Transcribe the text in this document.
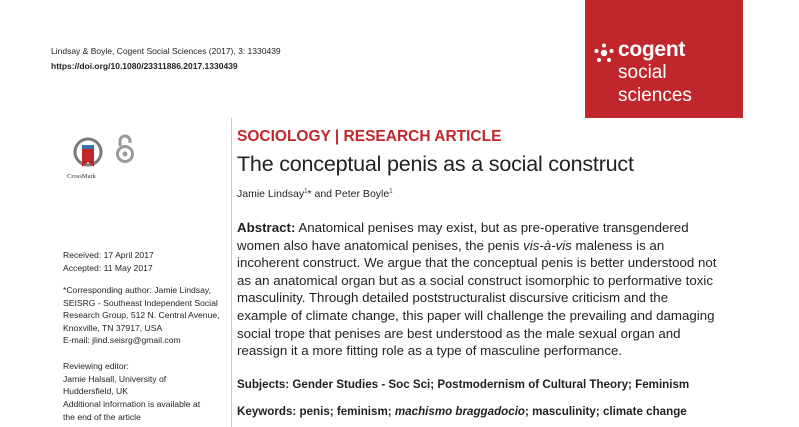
Lindsay & Boyle, Cogent Social Sciences (2017), 3: 1330439
https://doi.org/10.1080/23311886.2017.1330439
cogent
social
sciences
CrossMark
SOCIOLOGY | RESEARCH ARTICLE
The conceptual penis as a social construct
Jamie Lindsay$^1$* and Peter Boyle$^1$
Abstract: Anatomical penises may exist, but as pre-operative transgendered women also have anatomical penises, the penis vis-à-vis maleness is an incoherent construct. We argue that the conceptual penis is better understood not as an anatomical organ but as a social construct isomorphic to performative toxic masculinity. Through detailed poststructuralist discursive criticism and the example of climate change, this paper will challenge the prevailing and damaging social trope that penises are best understood as the male sexual organ and reassign it a more fitting role as a type of masculine performance.
Subjects: Gender Studies - Soc Sci; Postmodernism of Cultural Theory; Feminism
Keywords: penis; feminism; machismo braggadocio; masculinity; climate change
Received: 17 April 2017
Accepted: 11 May 2017
*Corresponding author: Jamie Lindsay,
SEISRG - Southeast Independent Social
Research Group, 512 N. Central Avenue,
Knoxville, TN 37917, USA
E-mail: jlind.seisrg@gmail.com
Reviewing editor:
Jamie Halsall, University of
Huddersfield, UK
Additional information is available at
the end of the article
